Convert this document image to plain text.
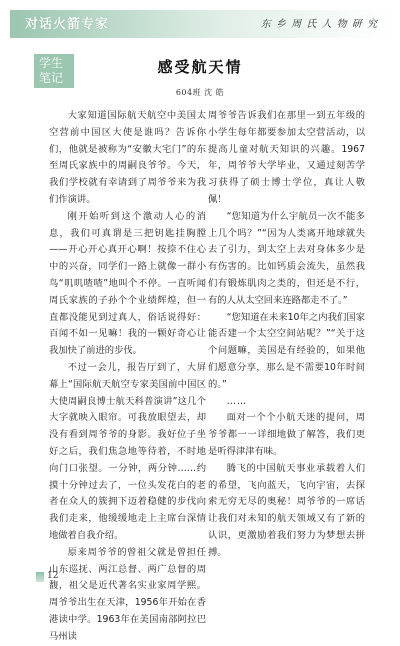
对话火箭专家	东 乡 周 氏 人 物 研 究
学生
笔记
感受航天情
604班 沈 皓

大家知道国际航天航空中美国太空营前中国区大使是谁吗？告诉你们，他就是被称为“安徽大宅门”的东至周氏家族中的周嗣良爷爷。今天，我们学校就有幸请到了周爷爷来为我们作演讲。

刚开始听到这个激动人心的消息，我们可真谓是三把钥匙挂胸膛——开心开心真开心啊！按捺不住心中的兴奋，同学们一路上就像一群小鸟“叽叽喳喳”地叫个不停。一直听闻周氏家族的子孙个个业绩辉煌，但一直都没能见到过真人，俗话说得好：百闻不如一见嘛！我的一颗好奇心让我加快了前进的步伐。

不过一会儿，报告厅到了，大屏幕上“国际航天航空专家美国前中国区大使周嗣良博士航天科普演讲”这几个大字就映入眼帘。可我放眼望去，却没有看到周爷爷的身影。我好位子坐好之后，我们焦急地等待着，不时地向门口张望。一分钟，两分钟……约摸十分钟过去了，一位头发花白的老者在众人的簇拥下迈着稳健的步伐向我们走来，他缓缓地走上主席台深情地做着自我介绍。

原来周爷爷的曾祖父就是曾担任山东巡抚、两江总督、两广总督的周馥，祖父是近代著名实业家周学熙。周爷爷出生在天津，1956年开始在香港读中学。1963年在美国南部阿拉巴马州读

周爷爷告诉我们在那里一到五年级的小学生每年都要参加太空营活动，以提高儿童对航天知识的兴趣。1967年，周爷爷大学毕业，又通过刻苦学习获得了硕士博士学位，真让人敬佩！

“您知道为什么宇航员一次不能多上几个吗？”“因为人类离开地球就失去了引力，到太空上去对身体多少是有伤害的。比如钙质会流失，虽然我们有锻炼肌肉之类的，但还是不行，有的人从太空回来连路都走不了。”

“您知道在未来10年之内我们国家能否建一个太空空间站呢？”“关于这个问题嘛，美国是有经验的，如果他们愿意分享，那么是不需要10年时间的。”

……

面对一个个小航天迷的提问，周爷爷都一一详细地做了解答，我们更是听得津津有味。

腾飞的中国航天事业承载着人们的希望，飞向蓝天，飞向宇宙，去探索无穷无尽的奥秘！周爷爷的一席话让我们对未知的航天领域又有了新的认识，更激励着我们努力为梦想去拼搏。

12
